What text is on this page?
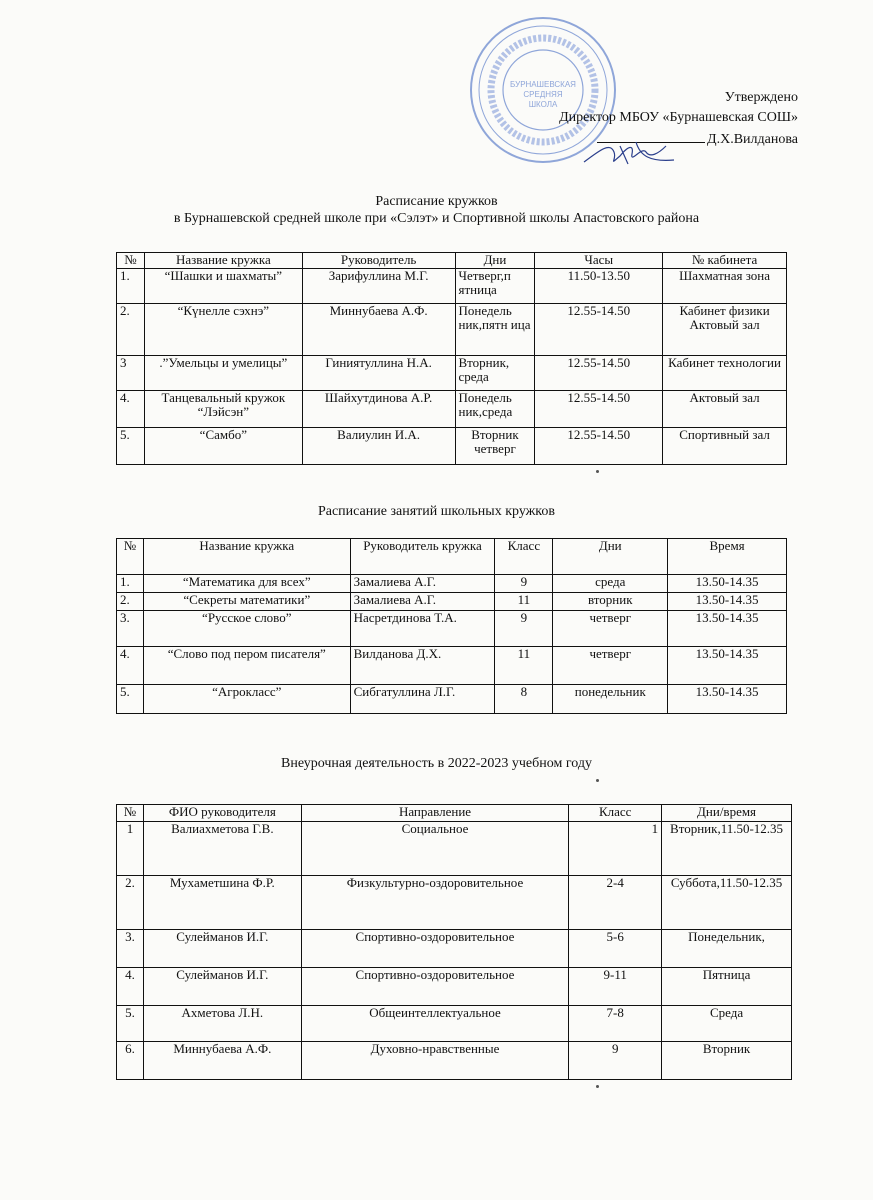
БУРНАШЕВСКАЯ
СРЕДНЯЯ
ШКОЛА	Утверждено
Директор МБОУ «Бурнашевская СОШ»
Д.Х.Вилданова
Расписание кружков
в Бурнашевской средней школе при «Сэлэт» и Спортивной школы Апастовского района
№	Название кружка	Руководитель	Дни	Часы	№ кабинета
1.	“Шашки и шахматы”	Зарифуллина М.Г.	Четверг,п ятница	11.50-13.50	Шахматная зона
2.	“Күнелле сэхнэ”	Миннубаева А.Ф.	Понедель ник,пятн ица	12.55-14.50	Кабинет физики Актовый зал
3	.”Умельцы и умелицы”	Гиниятуллина Н.А.	Вторник, среда	12.55-14.50	Кабинет технологии
4.	Танцевальный кружок “Лэйсэн”	Шайхутдинова А.Р.	Понедель ник,среда	12.55-14.50	Актовый зал
5.	“Самбо”	Валиулин И.А.	Вторник четверг	12.55-14.50	Спортивный зал
Расписание занятий школьных кружков
№	Название кружка	Руководитель кружка	Класс	Дни	Время
1.	“Математика для всех”	Замалиева А.Г.	9	среда	13.50-14.35
2.	“Секреты математики”	Замалиева А.Г.	11	вторник	13.50-14.35
3.	“Русское слово”	Насретдинова Т.А.	9	четверг	13.50-14.35
4.	“Слово под пером писателя”	Вилданова Д.Х.	11	четверг	13.50-14.35
5.	“Агрокласс”	Сибгатуллина Л.Г.	8	понедельник	13.50-14.35
Внеурочная деятельность в 2022-2023 учебном году
№	ФИО руководителя	Направление	Класс	Дни/время
1	Валиахметова Г.В.	Социальное	1	Вторник,11.50-12.35
2.	Мухаметшина Ф.Р.	Физкультурно-оздоровительное	2-4	Суббота,11.50-12.35
3.	Сулейманов И.Г.	Спортивно-оздоровительное	5-6	Понедельник,
4.	Сулейманов И.Г.	Спортивно-оздоровительное	9-11	Пятница
5.	Ахметова Л.Н.	Общеинтеллектуальное	7-8	Среда
6.	Миннубаева А.Ф.	Духовно-нравственные	9	Вторник
